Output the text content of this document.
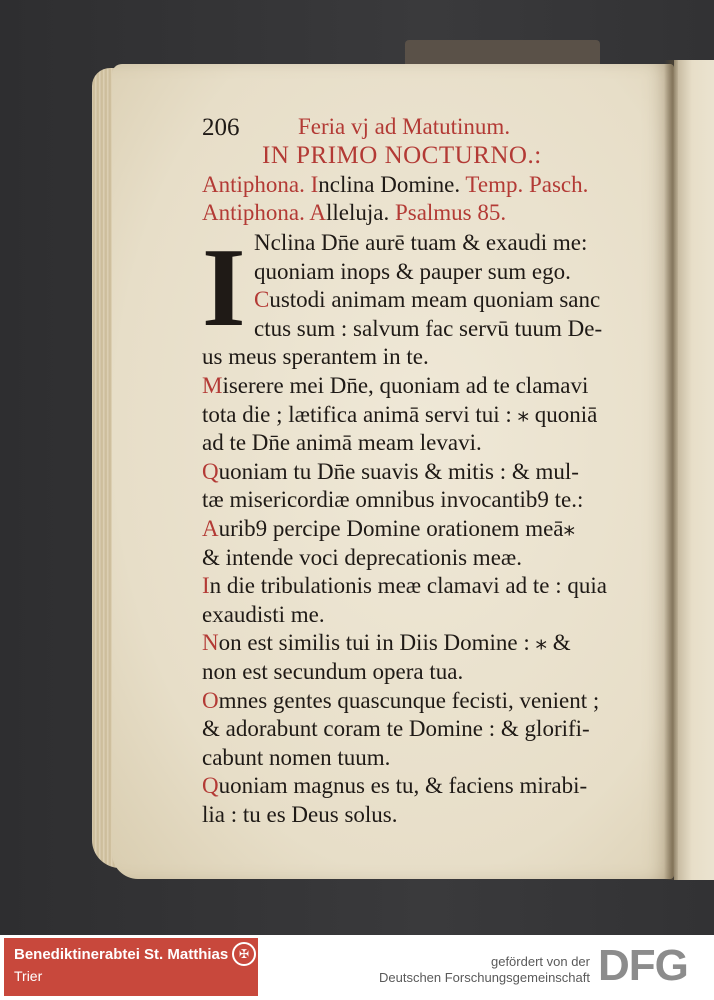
206	Feria vj ad Matutinum.
IN PRIMO NOCTURNO.:
Antiphona. Inclina Domine. Temp. Pasch.
Antiphona. Alleluja. Psalmus 85.
I Nclina Dn̄e aurē tuam & exaudi me:
quoniam inops & pauper sum ego.
Custodi animam meam quoniam sanc
ctus sum : salvum fac servū tuum De-
us meus sperantem in te.
Miserere mei Dn̄e, quoniam ad te clamavi
tota die ; lætifica animā servi tui : ⁎ quoniā
ad te Dn̄e animā meam levavi.
Quoniam tu Dn̄e suavis & mitis : & mul-
tæ misericordiæ omnibus invocantib9 te.:
Aurib9 percipe Domine orationem meā⁎
& intende voci deprecationis meæ.
In die tribulationis meæ clamavi ad te : quia
exaudisti me.
Non est similis tui in Diis Domine : ⁎ &
non est secundum opera tua.
Omnes gentes quascunque fecisti, venient ;
& adorabunt coram te Domine : & glorifi-
cabunt nomen tuum.
Quoniam magnus es tu, & faciens mirabi-
lia : tu es Deus solus.
Benediktinerabtei St. Matthias
Trier
✠	gefördert von der
Deutschen Forschungsgemeinschaft DFG
